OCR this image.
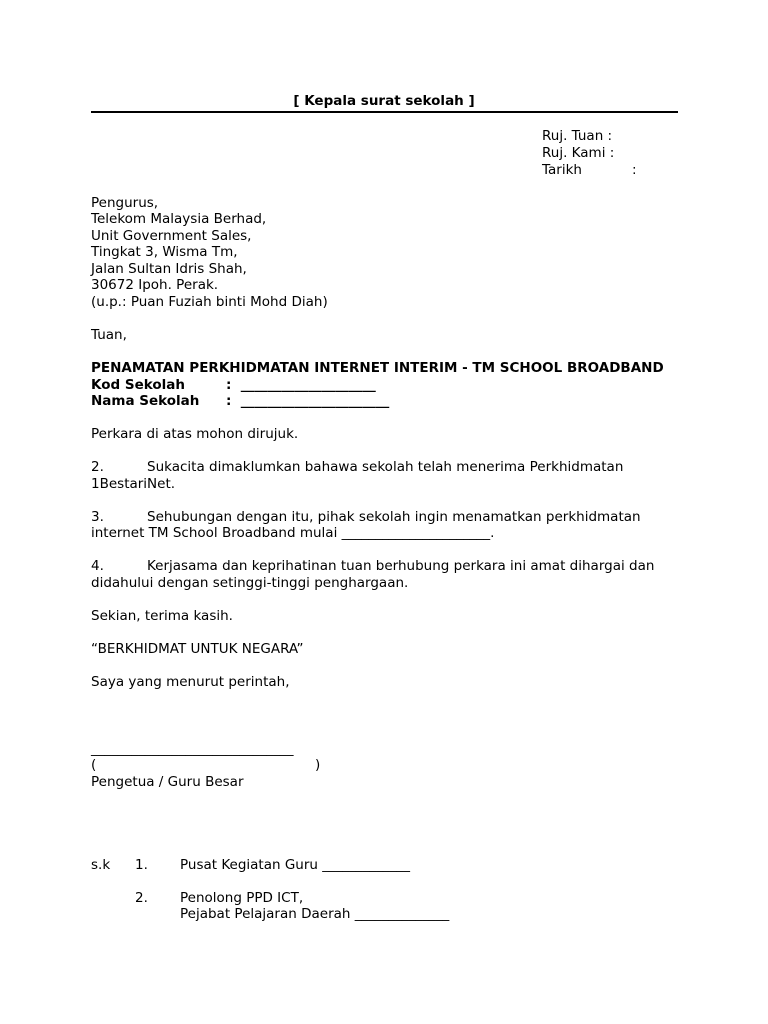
[ Kepala surat sekolah ]
Ruj. Tuan :
Ruj. Kami :
Tarikh	:
Pengurus,
Telekom Malaysia Berhad,
Unit Government Sales,
Tingkat 3, Wisma Tm,
Jalan Sultan Idris Shah,
30672 Ipoh. Perak.
(u.p.: Puan Fuziah binti Mohd Diah)
Tuan,
PENAMATAN PERKHIDMATAN INTERNET INTERIM - TM SCHOOL BROADBAND
Kod Sekolah	:  ____________________
Nama Sekolah :  ______________________
Perkara di atas mohon dirujuk.
2.	Sukacita dimaklumkan bahawa sekolah telah menerima Perkhidmatan
1BestariNet.
3.	Sehubungan dengan itu, pihak sekolah ingin menamatkan perkhidmatan
internet TM School Broadband mulai ______________________.
4.	Kerjasama dan keprihatinan tuan berhubung perkara ini amat dihargai dan
didahului dengan setinggi-tinggi penghargaan.
Sekian, terima kasih.
“BERKHIDMAT UNTUK NEGARA”
Saya yang menurut perintah,
______________________________
(	)
Pengetua / Guru Besar
s.k 1. Pusat Kegiatan Guru _____________
2. Penolong PPD ICT,
Pejabat Pelajaran Daerah ______________
